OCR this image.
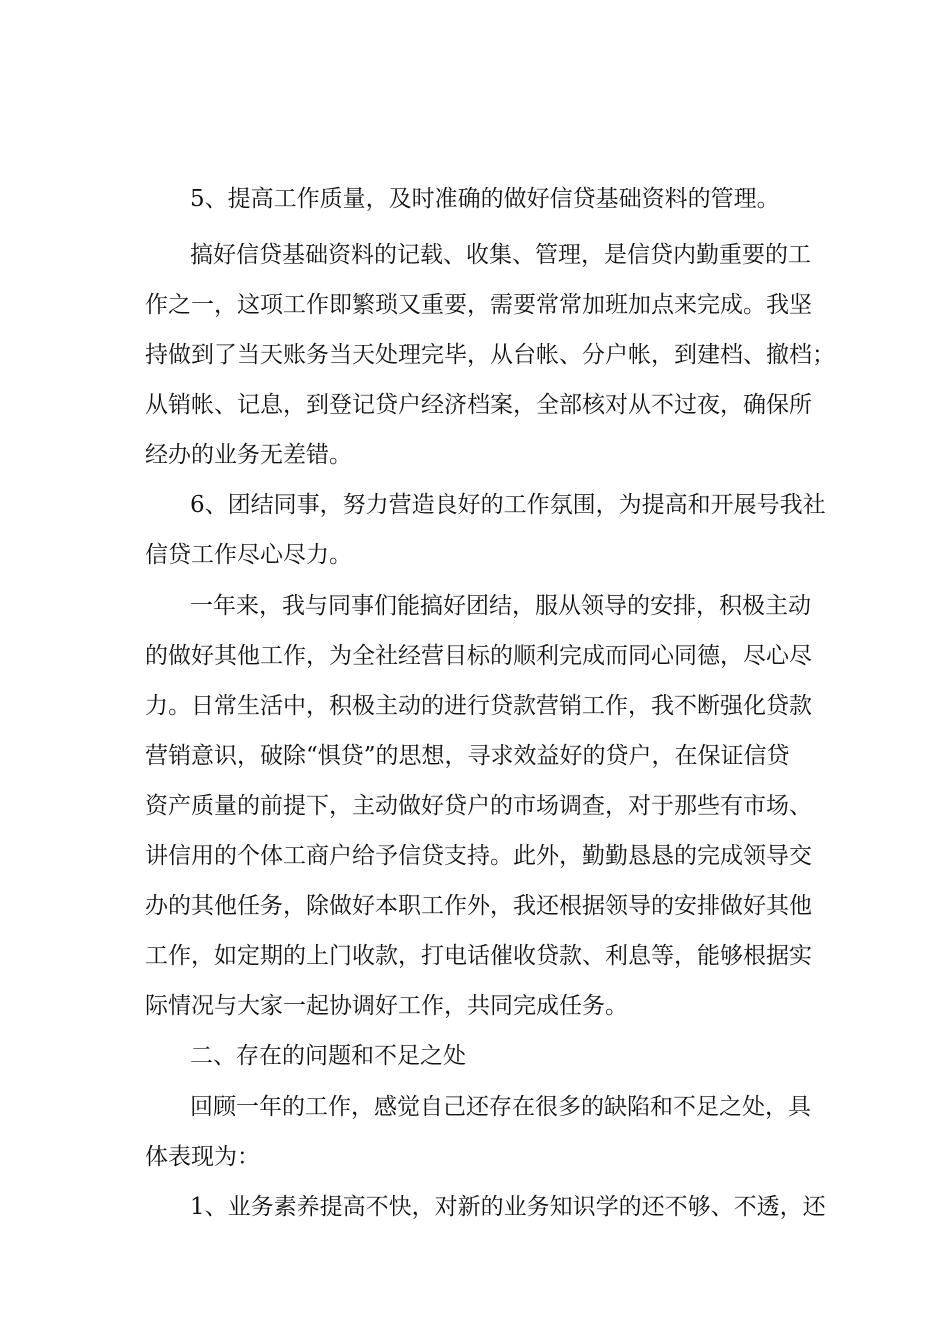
5、提高工作质量，及时准确的做好信贷基础资料的管理。

搞好信贷基础资料的记载、收集、管理，是信贷内勤重要的工

作之一，这项工作即繁琐又重要，需要常常加班加点来完成。我坚

持做到了当天账务当天处理完毕，从台帐、分户帐，到建档、撤档；

从销帐、记息，到登记贷户经济档案，全部核对从不过夜，确保所

经办的业务无差错。

6、团结同事，努力营造良好的工作氛围，为提高和开展号我社

信贷工作尽心尽力。

一年来，我与同事们能搞好团结，服从领导的安排，积极主动

的做好其他工作，为全社经营目标的顺利完成而同心同德，尽心尽

力。日常生活中，积极主动的进行贷款营销工作，我不断强化贷款

营销意识，破除“惧贷”的思想，寻求效益好的贷户，在保证信贷

资产质量的前提下，主动做好贷户的市场调查，对于那些有市场、

讲信用的个体工商户给予信贷支持。此外，勤勤恳恳的完成领导交

办的其他任务，除做好本职工作外，我还根据领导的安排做好其他

工作，如定期的上门收款，打电话催收贷款、利息等，能够根据实

际情况与大家一起协调好工作，共同完成任务。

二、存在的问题和不足之处

回顾一年的工作，感觉自己还存在很多的缺陷和不足之处，具

体表现为：

1、业务素养提高不快，对新的业务知识学的还不够、不透，还
